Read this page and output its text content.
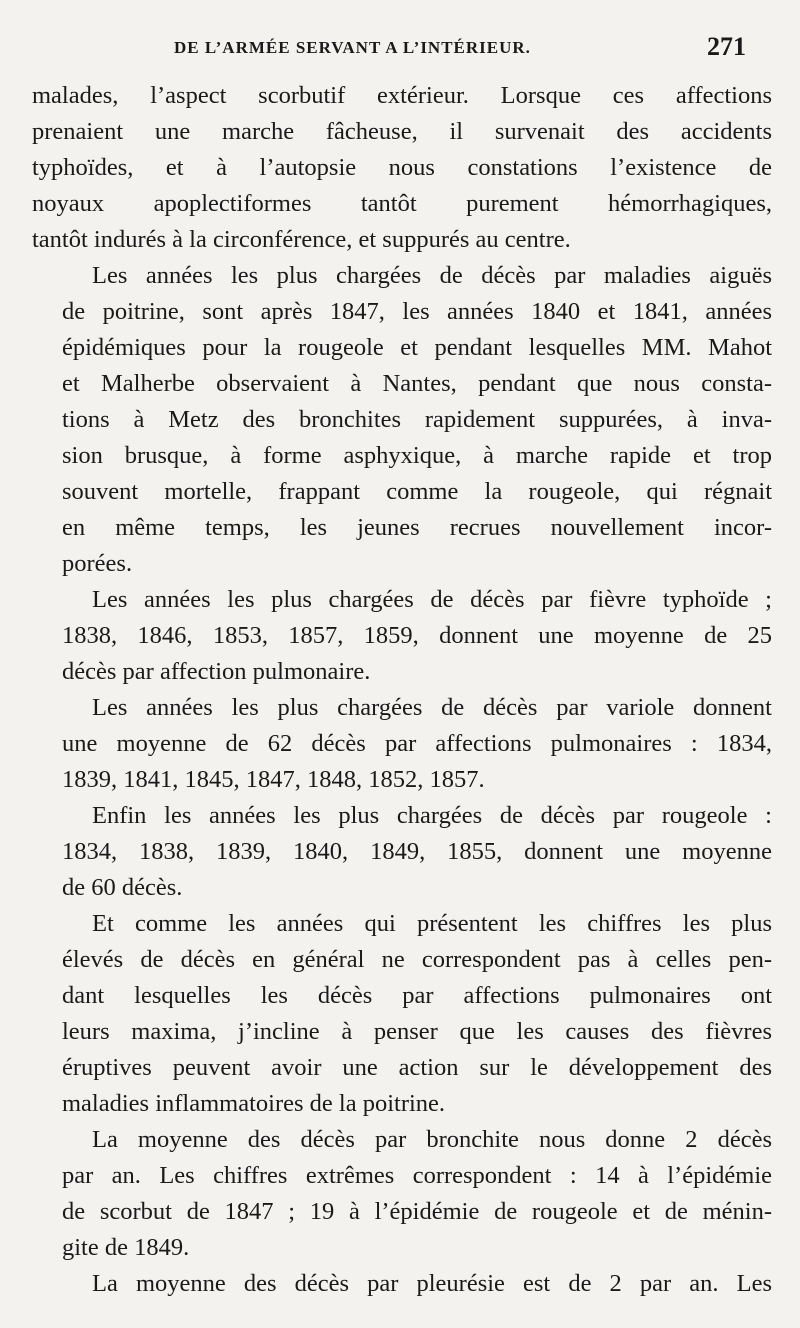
DE L’ARMÉE SERVANT A L’INTÉRIEUR.	271
malades, l’aspect scorbutif extérieur. Lorsque ces affections
prenaient une marche fâcheuse, il survenait des accidents
typhoïdes, et à l’autopsie nous constations l’existence de
noyaux apoplectiformes tantôt purement hémorrhagiques,
tantôt indurés à la circonférence, et suppurés au centre.
Les années les plus chargées de décès par maladies aiguës
de poitrine, sont après 1847, les années 1840 et 1841, années
épidémiques pour la rougeole et pendant lesquelles MM. Mahot
et Malherbe observaient à Nantes, pendant que nous consta-
tions à Metz des bronchites rapidement suppurées, à inva-
sion brusque, à forme asphyxique, à marche rapide et trop
souvent mortelle, frappant comme la rougeole, qui régnait
en même temps, les jeunes recrues nouvellement incor-
porées.
Les années les plus chargées de décès par fièvre typhoïde ;
1838, 1846, 1853, 1857, 1859, donnent une moyenne de 25
décès par affection pulmonaire.
Les années les plus chargées de décès par variole donnent
une moyenne de 62 décès par affections pulmonaires : 1834,
1839, 1841, 1845, 1847, 1848, 1852, 1857.
Enfin les années les plus chargées de décès par rougeole :
1834, 1838, 1839, 1840, 1849, 1855, donnent une moyenne
de 60 décès.
Et comme les années qui présentent les chiffres les plus
élevés de décès en général ne correspondent pas à celles pen-
dant lesquelles les décès par affections pulmonaires ont
leurs maxima, j’incline à penser que les causes des fièvres
éruptives peuvent avoir une action sur le développement des
maladies inflammatoires de la poitrine.
La moyenne des décès par bronchite nous donne 2 décès
par an. Les chiffres extrêmes correspondent : 14 à l’épidémie
de scorbut de 1847 ; 19 à l’épidémie de rougeole et de ménin-
gite de 1849.
La moyenne des décès par pleurésie est de 2 par an. Les
